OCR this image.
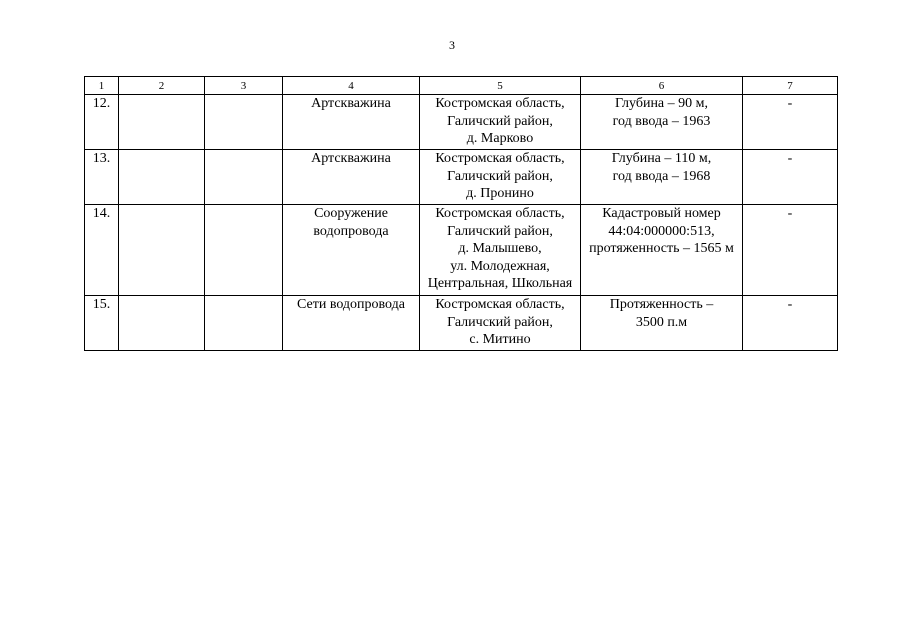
3
1	2	3	4	5	6	7
12.			Артскважина	Костромская область,
Галичский район,
д. Марково	Глубина – 90 м,
год ввода – 1963	-
13.			Артскважина	Костромская область,
Галичский район,
д. Пронино	Глубина – 110 м,
год ввода – 1968	-
14.			Сооружение
водопровода	Костромская область,
Галичский район,
д. Малышево,
ул. Молодежная,
Центральная, Школьная	Кадастровый номер
44:04:000000:513,
протяженность – 1565 м	-
15.			Сети водопровода	Костромская область,
Галичский район,
с. Митино	Протяженность –
3500 п.м	-
